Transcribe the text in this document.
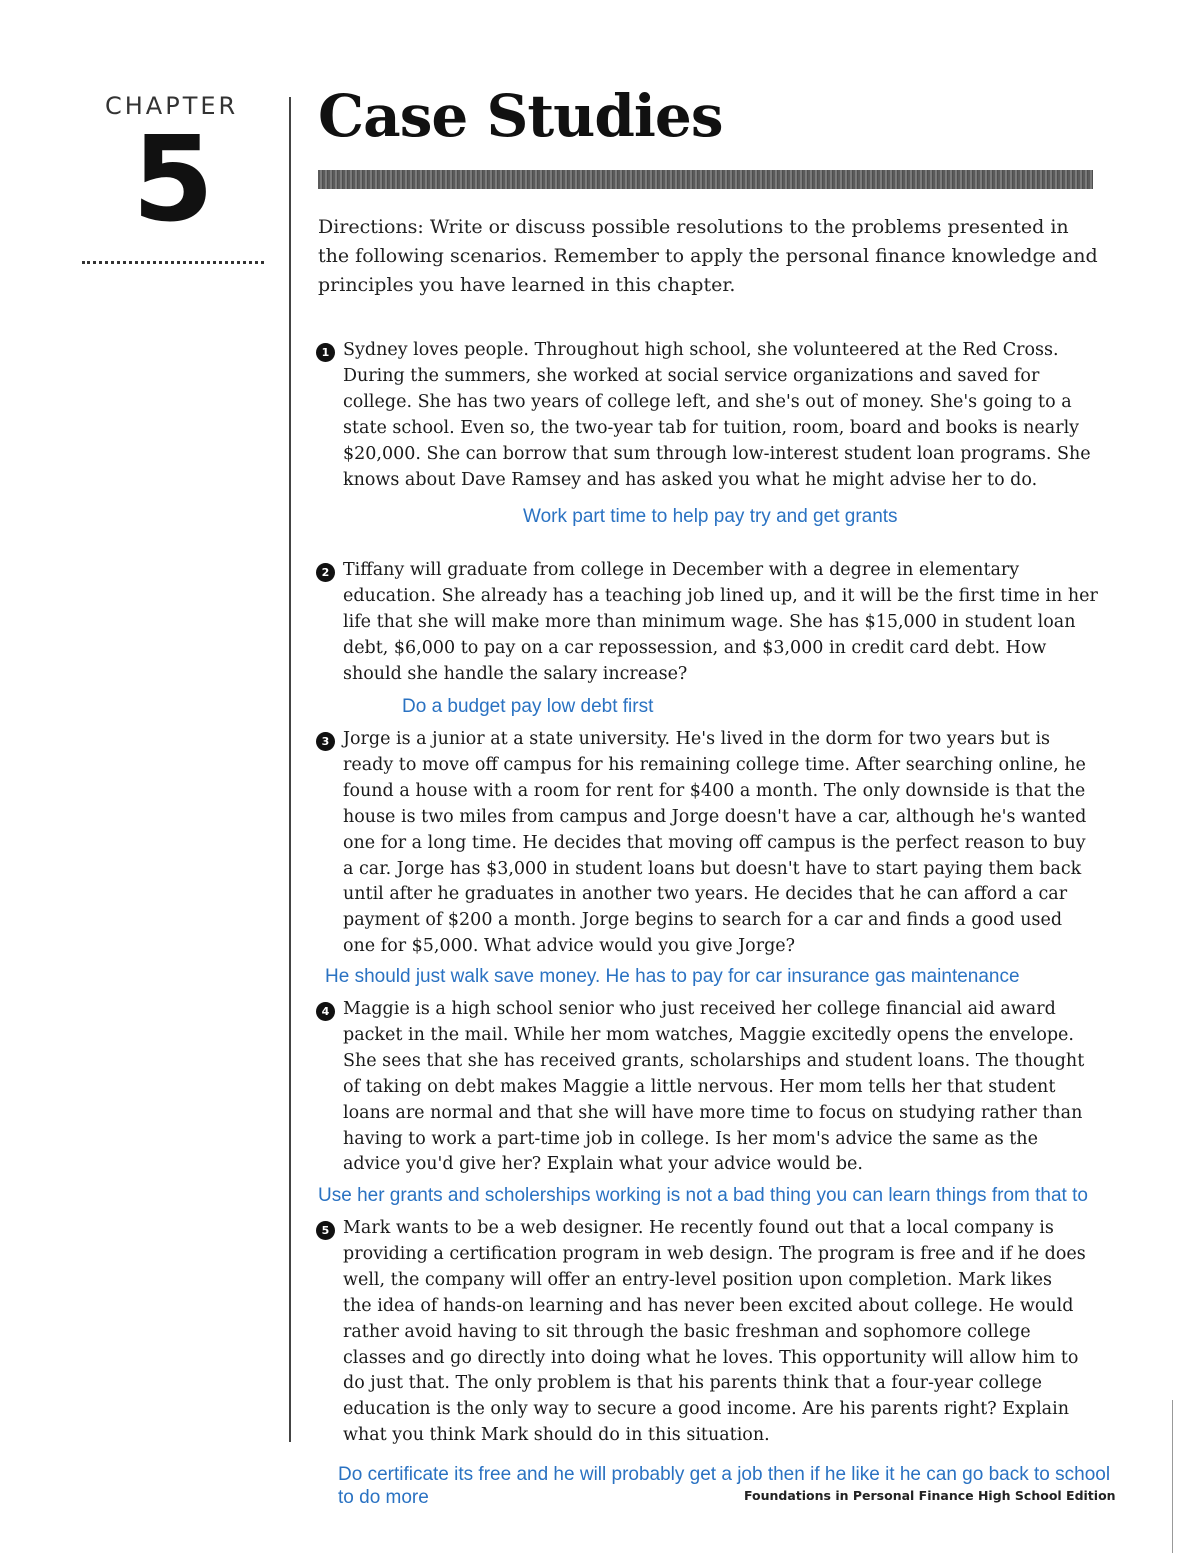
CHAPTER
5 Case Studies
Directions: Write or discuss possible resolutions to the problems presented in the following scenarios. Remember to apply the personal finance knowledge and principles you have learned in this chapter.
1 Sydney loves people. Throughout high school, she volunteered at the Red Cross. During the summers, she worked at social service organizations and saved for college. She has two years of college left, and she's out of money. She's going to a state school. Even so, the two-year tab for tuition, room, board and books is nearly $20,000. She can borrow that sum through low-interest student loan programs. She knows about Dave Ramsey and has asked you what he might advise her to do.
Work part time to help pay try and get grants
2 Tiffany will graduate from college in December with a degree in elementary education. She already has a teaching job lined up, and it will be the first time in her life that she will make more than minimum wage. She has $15,000 in student loan debt, $6,000 to pay on a car repossession, and $3,000 in credit card debt. How should she handle the salary increase?
Do a budget pay low debt first
3 Jorge is a junior at a state university. He's lived in the dorm for two years but is ready to move off campus for his remaining college time. After searching online, he found a house with a room for rent for $400 a month. The only downside is that the house is two miles from campus and Jorge doesn't have a car, although he's wanted one for a long time. He decides that moving off campus is the perfect reason to buy a car. Jorge has $3,000 in student loans but doesn't have to start paying them back until after he graduates in another two years. He decides that he can afford a car payment of $200 a month. Jorge begins to search for a car and finds a good used one for $5,000. What advice would you give Jorge?
He should just walk save money. He has to pay for car insurance gas maintenance
4 Maggie is a high school senior who just received her college financial aid award packet in the mail. While her mom watches, Maggie excitedly opens the envelope. She sees that she has received grants, scholarships and student loans. The thought of taking on debt makes Maggie a little nervous. Her mom tells her that student loans are normal and that she will have more time to focus on studying rather than having to work a part-time job in college. Is her mom's advice the same as the advice you'd give her? Explain what your advice would be.
Use her grants and scholerships working is not a bad thing you can learn things from that to
5 Mark wants to be a web designer. He recently found out that a local company is providing a certification program in web design. The program is free and if he does well, the company will offer an entry-level position upon completion. Mark likes the idea of hands-on learning and has never been excited about college. He would rather avoid having to sit through the basic freshman and sophomore college classes and go directly into doing what he loves. This opportunity will allow him to do just that. The only problem is that his parents think that a four-year college education is the only way to secure a good income. Are his parents right? Explain what you think Mark should do in this situation.
Do certificate its free and he will probably get a job then if he like it he can go back to school
to do more	Foundations in Personal Finance High School Edition
